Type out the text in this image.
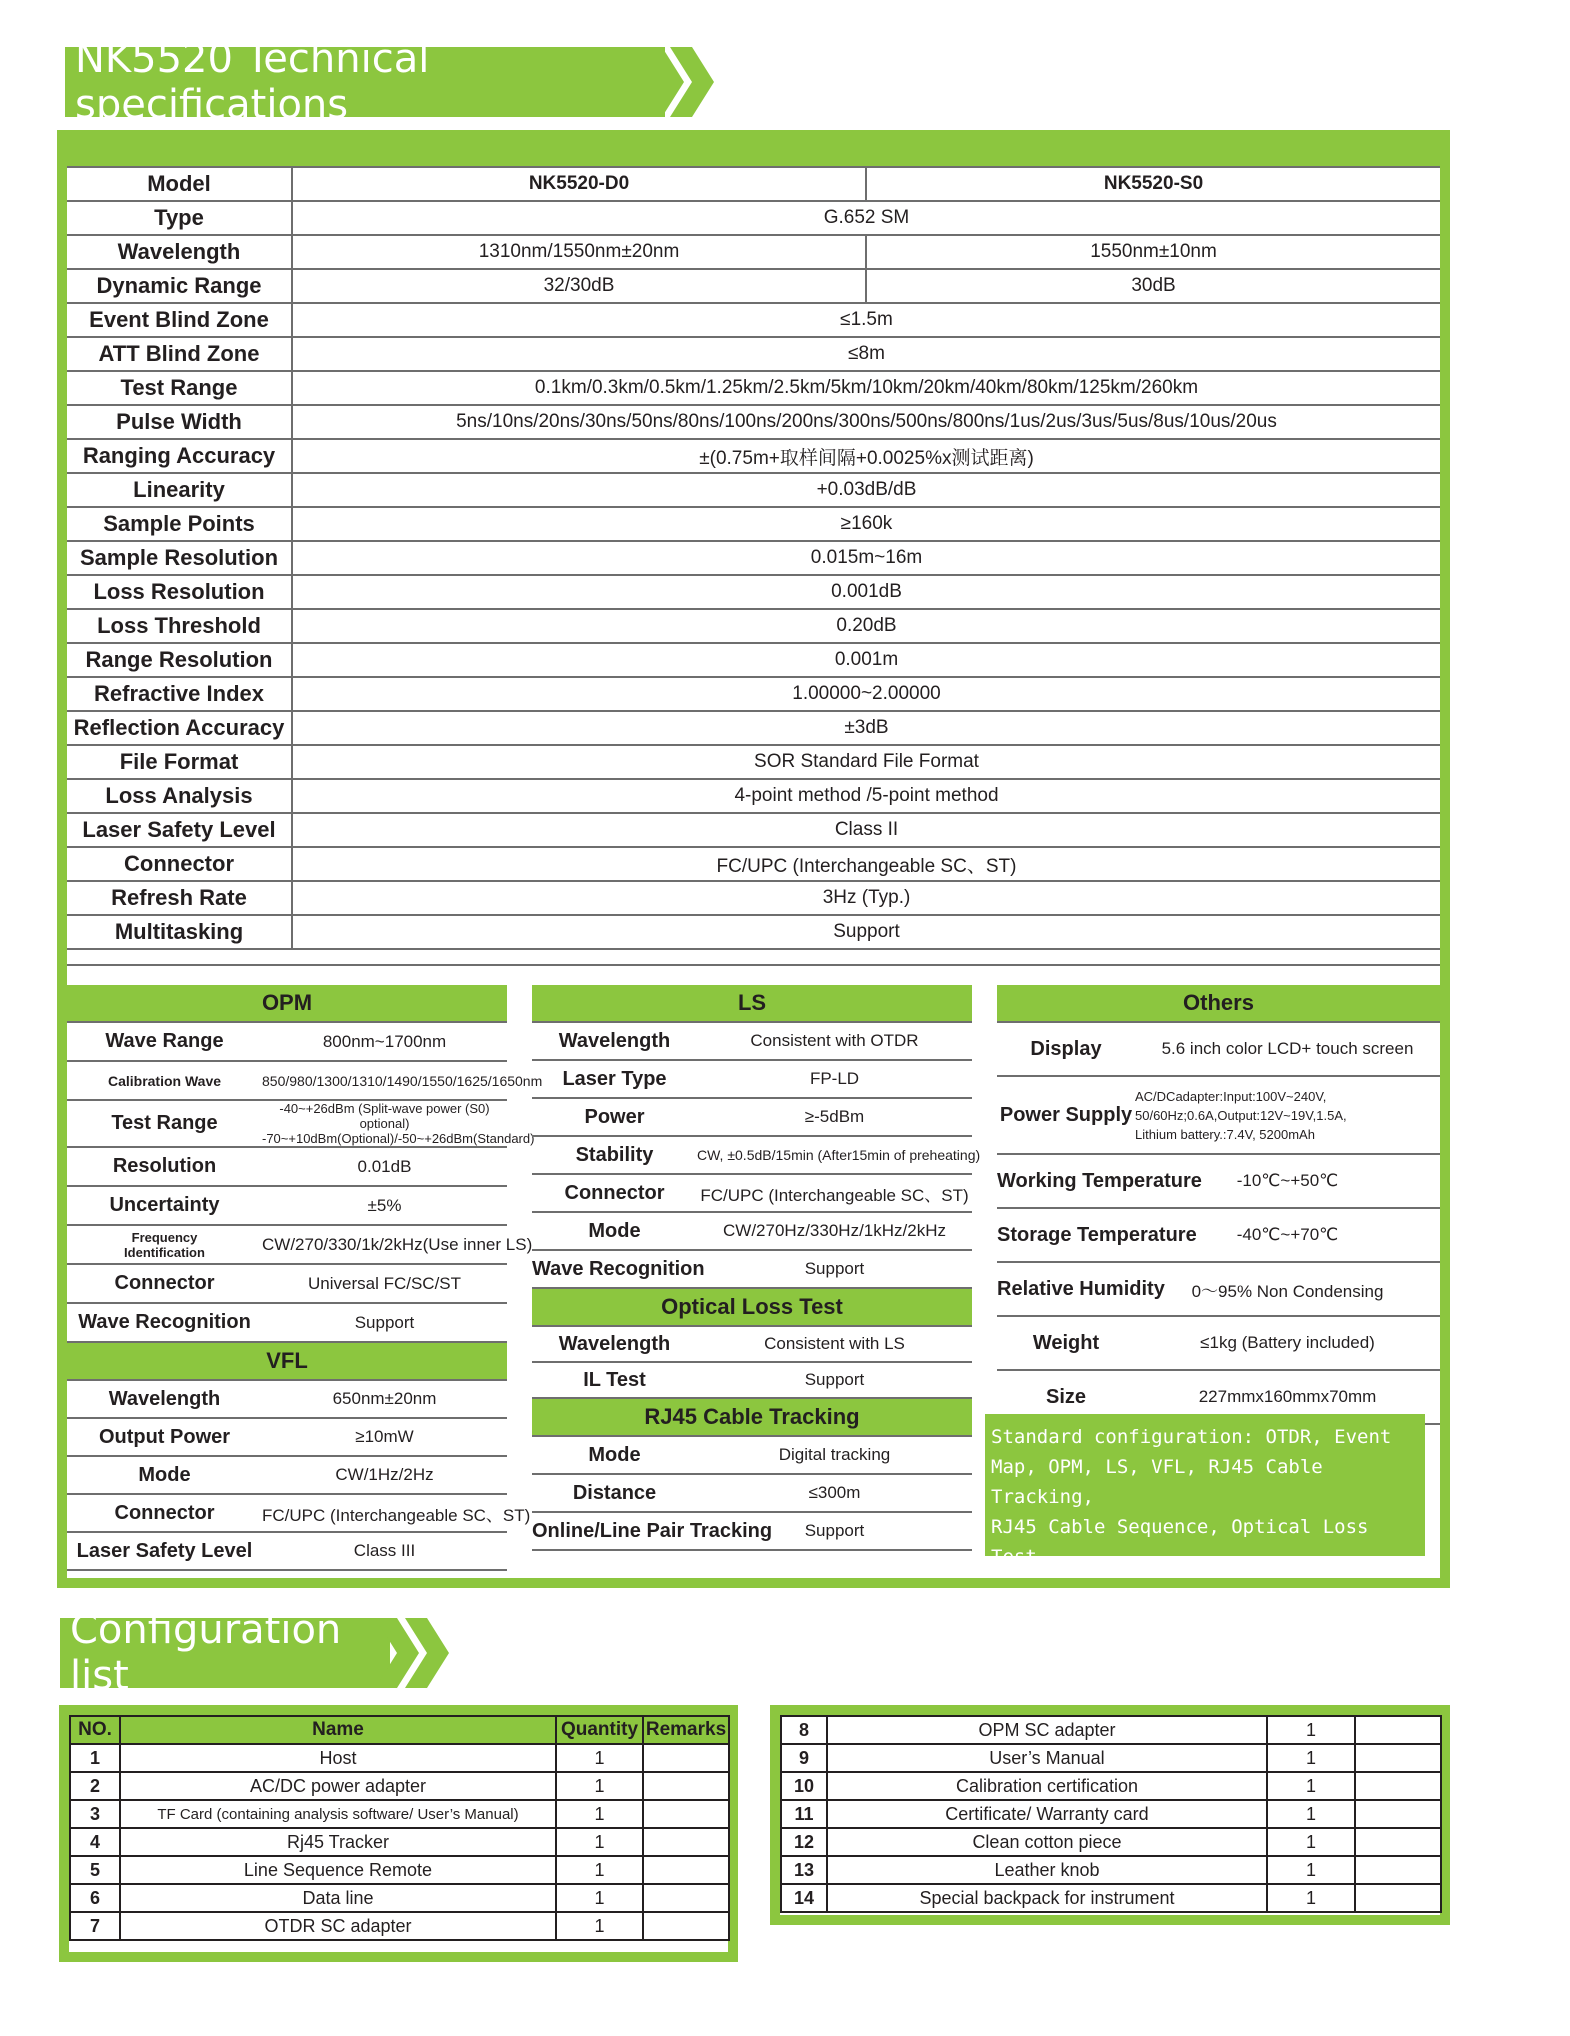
NK5520 Technical specifications
Model	NK5520-D0	NK5520-S0
Type	G.652 SM	
Wavelength	1310nm/1550nm±20nm	1550nm±10nm
Dynamic Range	32/30dB	30dB
Event Blind Zone	≤1.5m	
ATT Blind Zone	≤8m	
Test Range	0.1km/0.3km/0.5km/1.25km/2.5km/5km/10km/20km/40km/80km/125km/260km	
Pulse Width	5ns/10ns/20ns/30ns/50ns/80ns/100ns/200ns/300ns/500ns/800ns/1us/2us/3us/5us/8us/10us/20us	
Ranging Accuracy	±(0.75m+取样间隔+0.0025%x测试距离)	
Linearity	+0.03dB/dB	
Sample Points	≥160k	
Sample Resolution	0.015m~16m	
Loss Resolution	0.001dB	
Loss Threshold	0.20dB	
Range Resolution	0.001m	
Refractive Index	1.00000~2.00000	
Reflection Accuracy	±3dB	
File Format	SOR Standard File Format	
Loss Analysis	4-point method /5-point method	
Laser Safety Level	Class II	
Connector	FC/UPC (Interchangeable SC、ST)	
Refresh Rate	3Hz (Typ.)	
Multitasking	Support	

OPM	
Wave Range	800nm~1700nm
Calibration Wave	850/980/1300/1310/1490/1550/1625/1650nm
Test Range	-40~+26dBm (Split-wave power (S0) optional)
-70~+10dBm(Optional)/-50~+26dBm(Standard)

Resolution	0.01dB
Uncertainty	±5%

Frequency
Identification	CW/270/330/1k/2kHz(Use inner LS)
Connector	Universal FC/SC/ST
Wave Recognition	Support
VFL	
Wavelength	650nm±20nm
Output Power	≥10mW
Mode	CW/1Hz/2Hz
Connector	FC/UPC (Interchangeable SC、ST)
Laser Safety Level	Class III
LS	
Wavelength	Consistent with OTDR
Laser Type	FP-LD
Power	≥-5dBm
Stability	CW, ±0.5dB/15min (After15min of preheating)
Connector	FC/UPC (Interchangeable SC、ST)
Mode	CW/270Hz/330Hz/1kHz/2kHz
Wave Recognition	Support
Optical Loss Test	
Wavelength	Consistent with LS
IL Test	Support
RJ45 Cable Tracking	
Mode	Digital tracking
Distance	≤300m
Online/Line Pair Tracking	Support
Others	
Display	5.6 inch color LCD+ touch screen
Power Supply	AC/DCadapter:Input:100V~240V,
50/60Hz;0.6A,Output:12V~19V,1.5A,
Lithium battery.:7.4V, 5200mAh

Working Temperature	-10℃~+50℃
Storage Temperature	-40℃~+70℃
Relative Humidity	0～95% Non Condensing
Weight	≤1kg (Battery included)
Size	227mmx160mmx70mm
Standard configuration: OTDR, Event
Map, OPM, LS, VFL, RJ45 Cable Tracking,
RJ45 Cable Sequence, Optical Loss Test
Configuration list
NO.	Name	Quantity	Remarks
1	Host	1	
2	AC/DC power adapter	1	
3	TF Card (containing analysis software/ User’s Manual)	1	
4	Rj45 Tracker	1	
5	Line Sequence Remote	1	
6	Data line	1	
7	OTDR SC adapter	1	
8	OPM SC adapter	1	
9	User’s Manual	1	
10	Calibration certification	1	
11	Certificate/ Warranty card	1	
12	Clean cotton piece	1	
13	Leather knob	1	
14	Special backpack for instrument	1	
